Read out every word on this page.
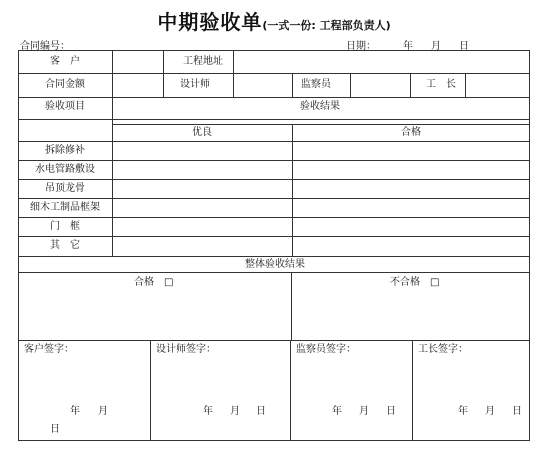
中期验收单(一式一份: 工程部负责人)
合同编号：	日期：	年 月 日
客　户	工程地址
合同金额	设计师	监察员	工　长
验收项目	验收结果
优良	合格
拆除修补
水电管路敷设
吊顶龙骨
细木工制品框架
门　框
其　它
整体验收结果
合格　□	不合格　□
客户签字：	设计师签字：	监察员签字：	工长签字：
年 月
日
年 月 日	年 月 日	年 月 日
